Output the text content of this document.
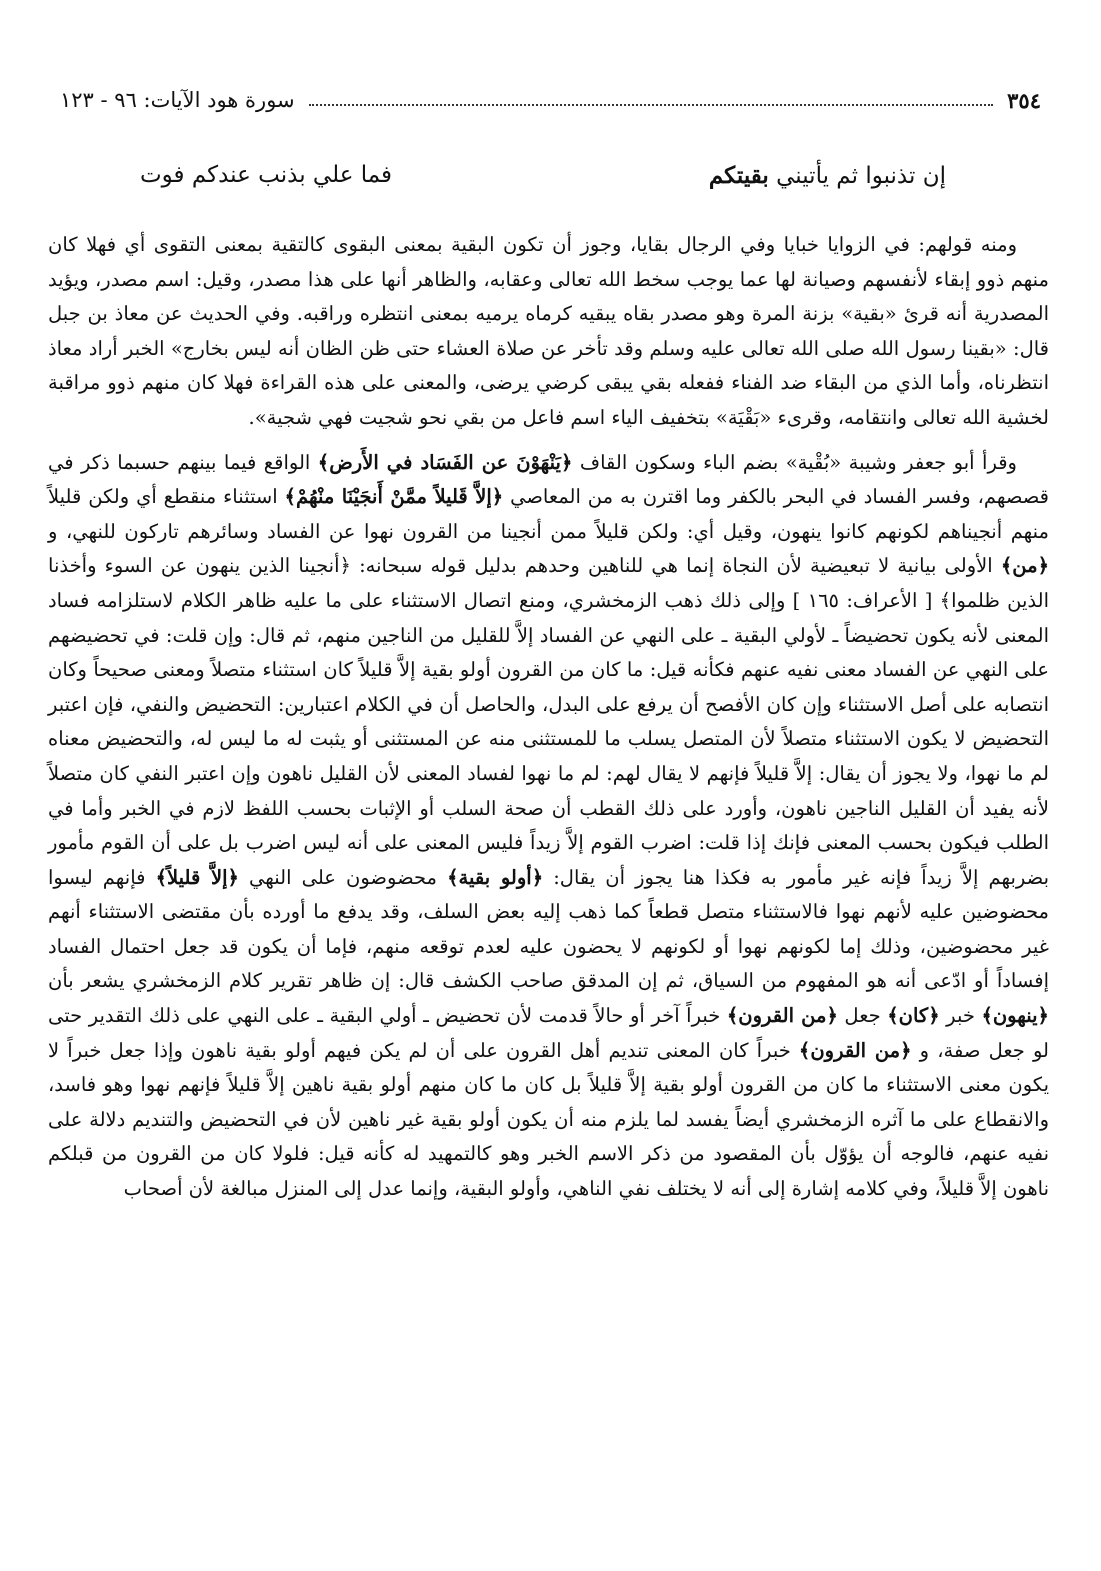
٣٥٤
سورة هود الآيات: ٩٦ - ١٢٣
إن تذنبوا ثم يأتيني بقيتكم
فما علي بذنب عندكم فوت

ومنه قولهم: في الزوايا خبايا وفي الرجال بقايا، وجوز أن تكون البقية بمعنى البقوى كالتقية بمعنى التقوى أي فهلا كان منهم ذوو إبقاء لأنفسهم وصيانة لها عما يوجب سخط الله تعالى وعقابه، والظاهر أنها على هذا مصدر، وقيل: اسم مصدر، ويؤيد المصدرية أنه قرئ «بقية» بزنة المرة وهو مصدر بقاه يبقيه كرماه يرميه بمعنى انتظره وراقبه. وفي الحديث عن معاذ بن جبل قال: «بقينا رسول الله صلى الله تعالى عليه وسلم وقد تأخر عن صلاة العشاء حتى ظن الظان أنه ليس بخارج» الخبر أراد معاذ انتظرناه، وأما الذي من البقاء ضد الفناء ففعله بقي يبقى كرضي يرضى، والمعنى على هذه القراءة فهلا كان منهم ذوو مراقبة لخشية الله تعالى وانتقامه، وقرىء «بَقْيَة» بتخفيف الياء اسم فاعل من بقي نحو شجيت فهي شجية».

وقرأ أبو جعفر وشيبة «بُقْية» بضم الباء وسكون القاف ﴿يَنْهَوْنَ عن الفَسَاد في الأَرض﴾ الواقع فيما بينهم حسبما ذكر في قصصهم، وفسر الفساد في البحر بالكفر وما اقترن به من المعاصي ﴿إلاَّ قَليلاً ممَّنْ أَنجَيْنَا منْهُمْ﴾ استثناء منقطع أي ولكن قليلاً منهم أنجيناهم لكونهم كانوا ينهون، وقيل أي: ولكن قليلاً ممن أنجينا من القرون نهوا عن الفساد وسائرهم تاركون للنهي، و ﴿من﴾ الأولى بيانية لا تبعيضية لأن النجاة إنما هي للناهين وحدهم بدليل قوله سبحانه: ﴿أنجينا الذين ينهون عن السوء وأخذنا الذين ظلموا﴾ [ الأعراف: ١٦٥ ] وإلى ذلك ذهب الزمخشري، ومنع اتصال الاستثناء على ما عليه ظاهر الكلام لاستلزامه فساد المعنى لأنه يكون تحضيضاً ـ لأولي البقية ـ على النهي عن الفساد إلاَّ للقليل من الناجين منهم، ثم قال: وإن قلت: في تحضيضهم على النهي عن الفساد معنى نفيه عنهم فكأنه قيل: ما كان من القرون أولو بقية إلاَّ قليلاً كان استثناء متصلاً ومعنى صحيحاً وكان انتصابه على أصل الاستثناء وإن كان الأفصح أن يرفع على البدل، والحاصل أن في الكلام اعتبارين: التحضيض والنفي، فإن اعتبر التحضيض لا يكون الاستثناء متصلاً لأن المتصل يسلب ما للمستثنى منه عن المستثنى أو يثبت له ما ليس له، والتحضيض معناه لم ما نهوا، ولا يجوز أن يقال: إلاَّ قليلاً فإنهم لا يقال لهم: لم ما نهوا لفساد المعنى لأن القليل ناهون وإن اعتبر النفي كان متصلاً لأنه يفيد أن القليل الناجين ناهون، وأورد على ذلك القطب أن صحة السلب أو الإثبات بحسب اللفظ لازم في الخبر وأما في الطلب فيكون بحسب المعنى فإنك إذا قلت: اضرب القوم إلاَّ زيداً فليس المعنى على أنه ليس اضرب بل على أن القوم مأمور بضربهم إلاَّ زيداً فإنه غير مأمور به فكذا هنا يجوز أن يقال: ﴿أولو بقية﴾ محضوضون على النهي ﴿إلاَّ قليلاً﴾ فإنهم ليسوا محضوضين عليه لأنهم نهوا فالاستثناء متصل قطعاً كما ذهب إليه بعض السلف، وقد يدفع ما أورده بأن مقتضى الاستثناء أنهم غير محضوضين، وذلك إما لكونهم نهوا أو لكونهم لا يحضون عليه لعدم توقعه منهم، فإما أن يكون قد جعل احتمال الفساد إفساداً أو ادّعى أنه هو المفهوم من السياق، ثم إن المدقق صاحب الكشف قال: إن ظاهر تقرير كلام الزمخشري يشعر بأن ﴿ينهون﴾ خبر ﴿كان﴾ جعل ﴿من القرون﴾ خبراً آخر أو حالاً قدمت لأن تحضيض ـ أولي البقية ـ على النهي على ذلك التقدير حتى لو جعل صفة، و ﴿من القرون﴾ خبراً كان المعنى تنديم أهل القرون على أن لم يكن فيهم أولو بقية ناهون وإذا جعل خبراً لا يكون معنى الاستثناء ما كان من القرون أولو بقية إلاَّ قليلاً بل كان ما كان منهم أولو بقية ناهين إلاَّ قليلاً فإنهم نهوا وهو فاسد، والانقطاع على ما آثره الزمخشري أيضاً يفسد لما يلزم منه أن يكون أولو بقية غير ناهين لأن في التحضيض والتنديم دلالة على نفيه عنهم، فالوجه أن يؤوّل بأن المقصود من ذكر الاسم الخبر وهو كالتمهيد له كأنه قيل: فلولا كان من القرون من قبلكم ناهون إلاَّ قليلاً، وفي كلامه إشارة إلى أنه لا يختلف نفي الناهي، وأولو البقية، وإنما عدل إلى المنزل مبالغة لأن أصحاب
